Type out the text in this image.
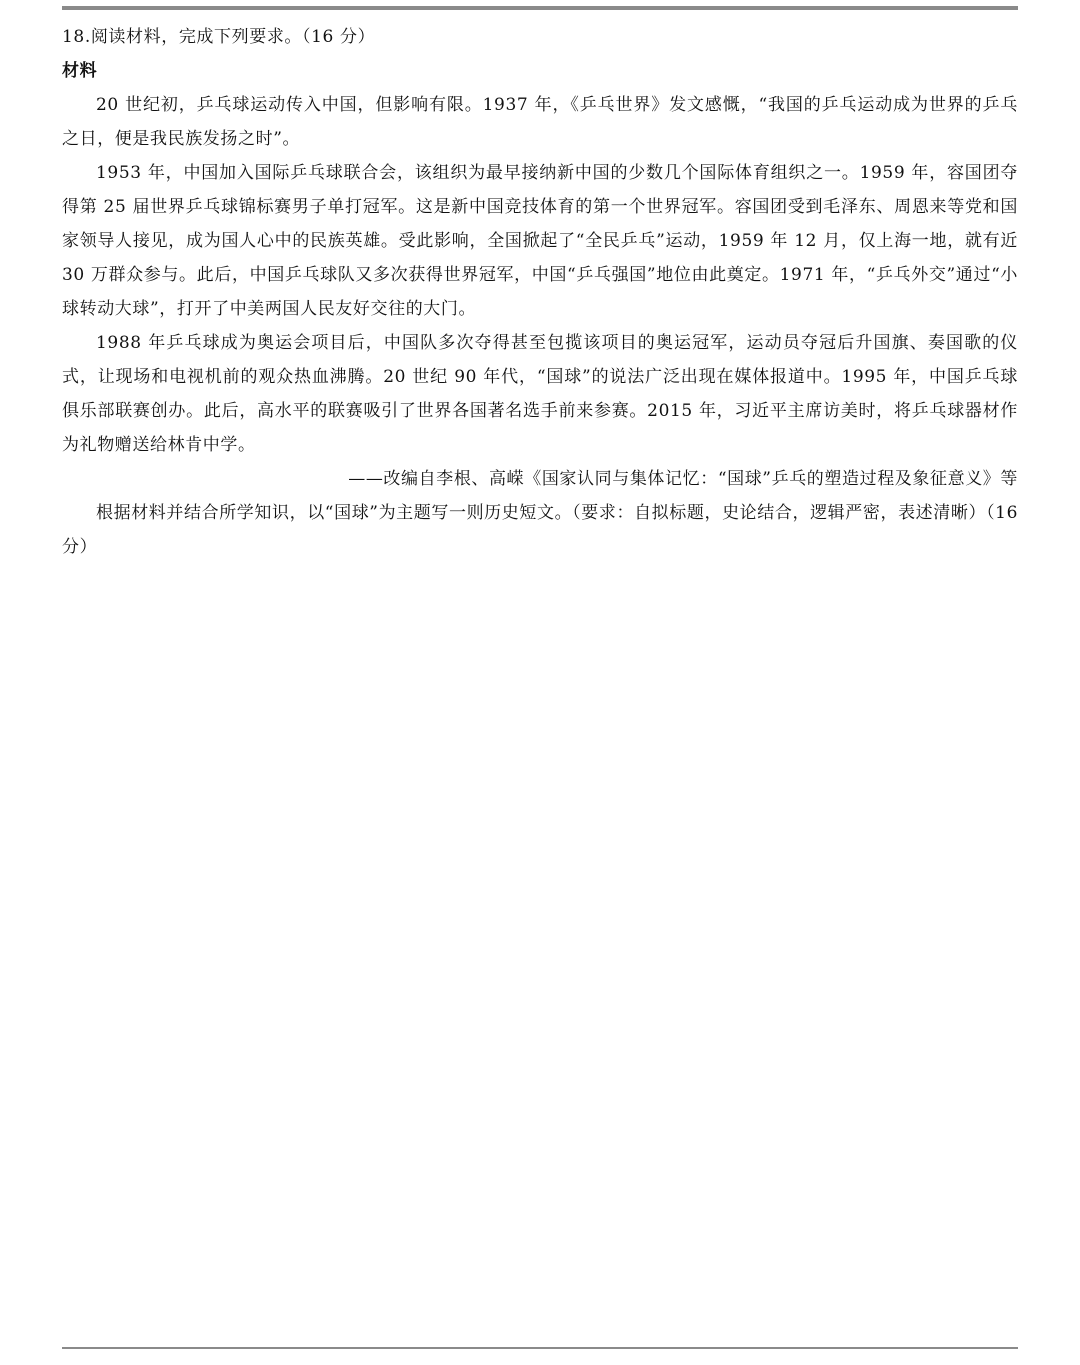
18.阅读材料，完成下列要求。（16 分）

材料

20 世纪初，乒乓球运动传入中国，但影响有限。1937 年，《乒乓世界》发文感慨，“我国的乒乓运动成为世界的乒乓之日，便是我民族发扬之时”。

1953 年，中国加入国际乒乓球联合会，该组织为最早接纳新中国的少数几个国际体育组织之一。1959 年，容国团夺得第 25 届世界乒乓球锦标赛男子单打冠军。这是新中国竞技体育的第一个世界冠军。容国团受到毛泽东、周恩来等党和国家领导人接见，成为国人心中的民族英雄。受此影响，全国掀起了“全民乒乓”运动，1959 年 12 月，仅上海一地，就有近 30 万群众参与。此后，中国乒乓球队又多次获得世界冠军，中国“乒乓强国”地位由此奠定。1971 年，“乒乓外交”通过“小球转动大球”，打开了中美两国人民友好交往的大门。

1988 年乒乓球成为奥运会项目后，中国队多次夺得甚至包揽该项目的奥运冠军，运动员夺冠后升国旗、奏国歌的仪式，让现场和电视机前的观众热血沸腾。20 世纪 90 年代，“国球”的说法广泛出现在媒体报道中。1995 年，中国乒乓球俱乐部联赛创办。此后，高水平的联赛吸引了世界各国著名选手前来参赛。2015 年，习近平主席访美时，将乒乓球器材作为礼物赠送给林肯中学。

——改编自李根、高嵘《国家认同与集体记忆：“国球”乒乓的塑造过程及象征意义》等

根据材料并结合所学知识，以“国球”为主题写一则历史短文。（要求：自拟标题，史论结合，逻辑严密，表述清晰）（16 分）
